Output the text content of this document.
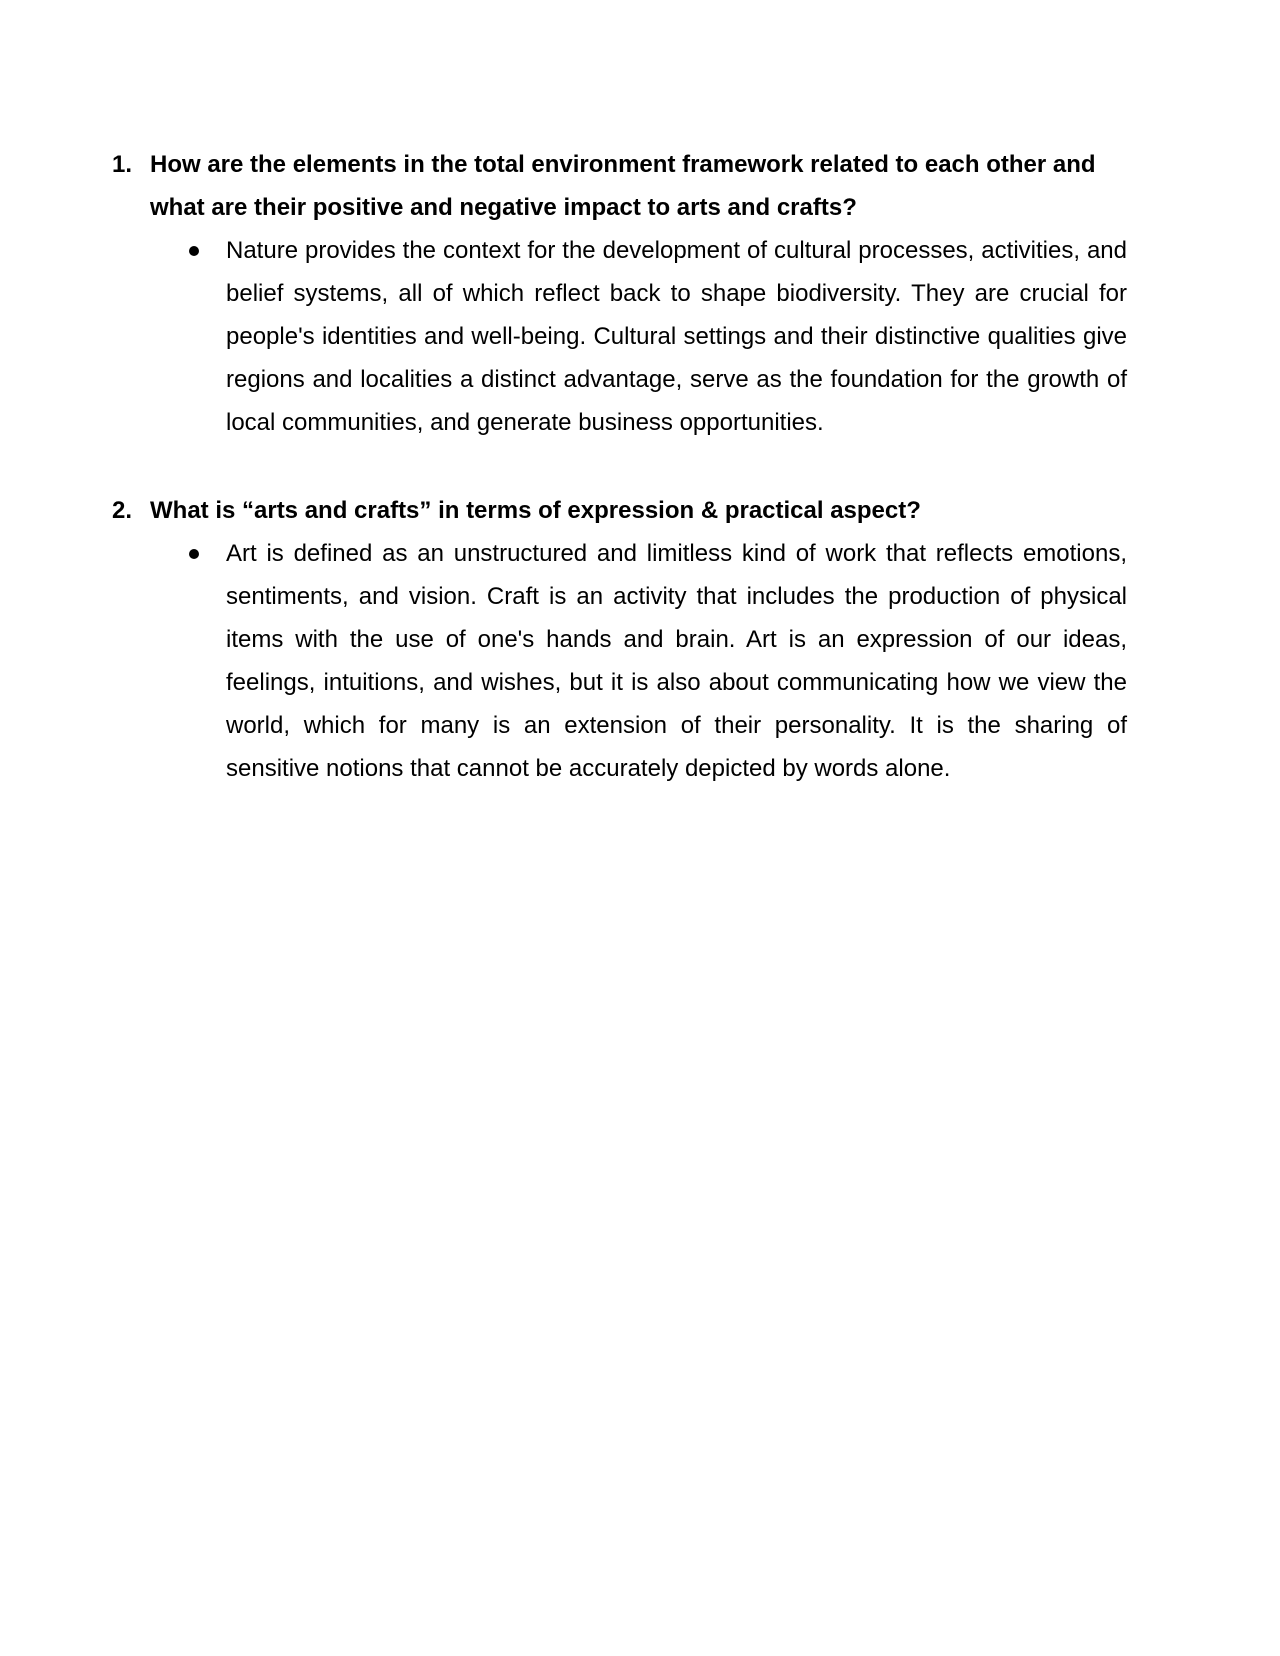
1. How are the elements in the total environment framework related to each other and what are their positive and negative impact to arts and crafts?
Nature provides the context for the development of cultural processes, activities, and belief systems, all of which reflect back to shape biodiversity. They are crucial for people's identities and well-being. Cultural settings and their distinctive qualities give regions and localities a distinct advantage, serve as the foundation for the growth of local communities, and generate business opportunities.
2. What is “arts and crafts” in terms of expression & practical aspect?
Art is defined as an unstructured and limitless kind of work that reflects emotions, sentiments, and vision. Craft is an activity that includes the production of physical items with the use of one's hands and brain. Art is an expression of our ideas, feelings, intuitions, and wishes, but it is also about communicating how we view the world, which for many is an extension of their personality. It is the sharing of sensitive notions that cannot be accurately depicted by words alone.
